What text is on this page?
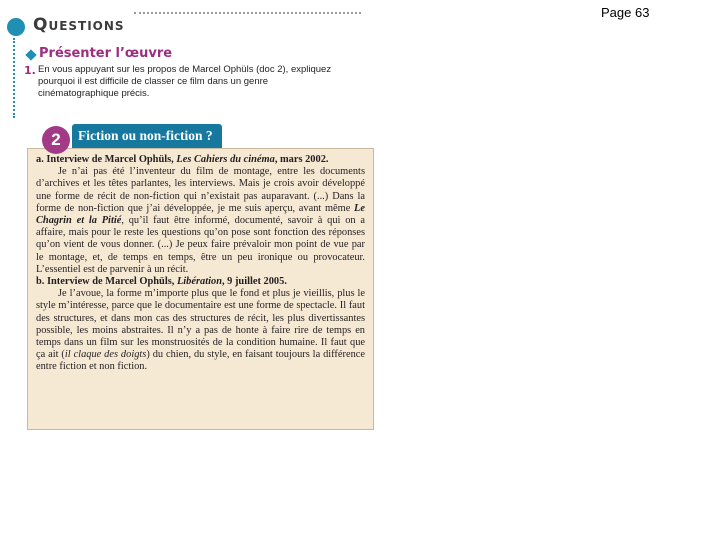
Page 63
Questions
Présenter l’œuvre
1. En vous appuyant sur les propos de Marcel Ophüls (doc 2), expliquez pourquoi il est difficile de classer ce film dans un genre cinématographique précis.
2	Fiction ou non-fiction ?

a. Interview de Marcel Ophüls, Les Cahiers du cinéma, mars 2002.

Je n’ai pas été l’inventeur du film de montage, entre les documents d’archives et les têtes parlantes, les interviews. Mais je crois avoir développé une forme de récit de non-fiction qui n’existait pas auparavant. (...) Dans la forme de non-fiction que j’ai développée, je me suis aperçu, avant même Le Chagrin et la Pitié, qu’il faut être informé, documenté, savoir à qui on a affaire, mais pour le reste les questions qu’on pose sont fonction des réponses qu’on vient de vous donner. (...) Je peux faire prévaloir mon point de vue par le montage, et, de temps en temps, être un peu ironique ou provocateur. L’essentiel est de parvenir à un récit.

b. Interview de Marcel Ophüls, Libération, 9 juillet 2005.

Je l’avoue, la forme m’importe plus que le fond et plus je vieillis, plus le style m’intéresse, parce que le documentaire est une forme de spectacle. Il faut des structures, et dans mon cas des structures de récit, les plus divertissantes possible, les moins abstraites. Il n’y a pas de honte à faire rire de temps en temps dans un film sur les monstruosités de la condition humaine. Il faut que ça ait (il claque des doigts) du chien, du style, en faisant toujours la différence entre fiction et non fiction.
